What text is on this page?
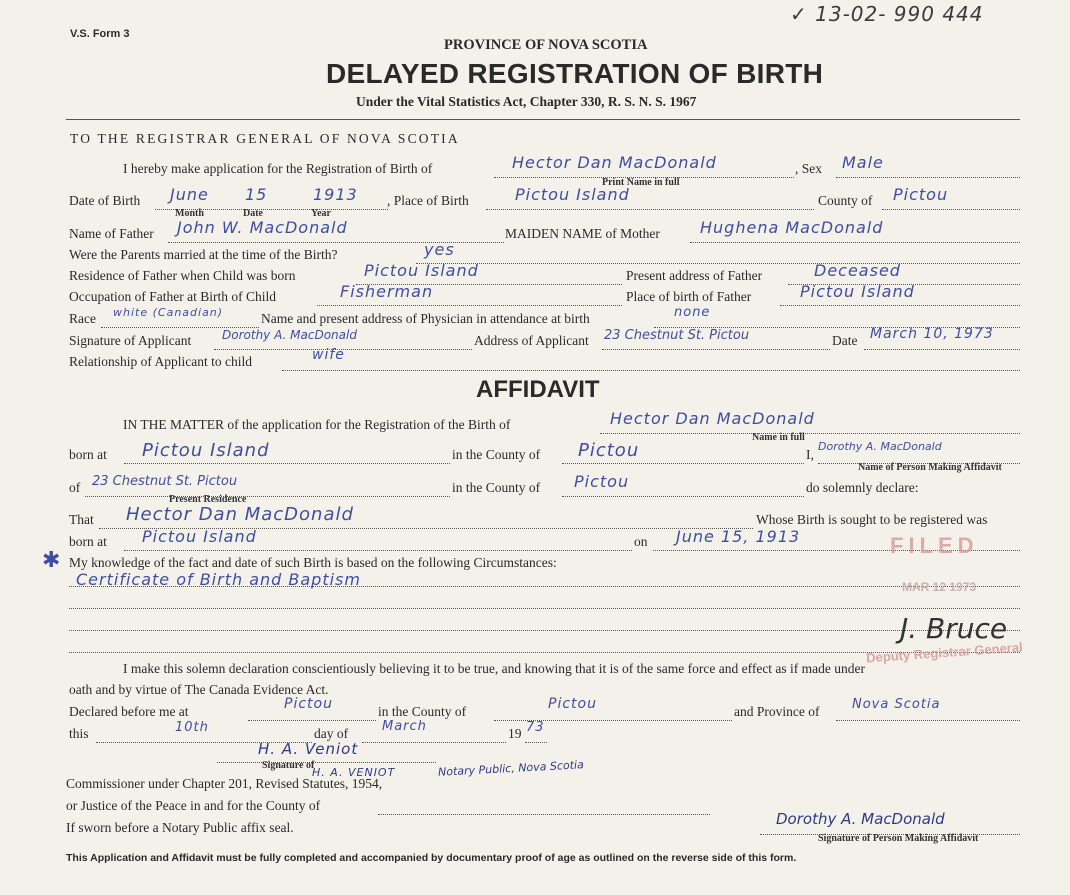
V.S. Form 3
✓ 13-02- 990 444
PROVINCE OF NOVA SCOTIA
DELAYED REGISTRATION OF BIRTH
Under the Vital Statistics Act, Chapter 330, R. S. N. S. 1967
TO THE REGISTRAR GENERAL OF NOVA SCOTIA
I hereby make application for the Registration of Birth of	Hector Dan MacDonald	, Sex Male
Print Name in full
Date of Birth June 15	1913 , Place of Birth	Pictou Island	County of Pictou
Month	Date	Year
Name of Father John W. MacDonald	MAIDEN NAME of Mother	Hughena MacDonald
Were the Parents married at the time of the Birth?	yes
Residence of Father when Child was born	Pictou Island	Present address of Father	Deceased
Occupation of Father at Birth of Child	Fisherman	Place of birth of Father	Pictou Island
Race white (Canadian)	Name and present address of Physician in attendance at birth	none
Signature of Applicant	Dorothy A. MacDonald	Address of Applicant 23 Chestnut St. Pictou	Date March 10, 1973
Relationship of Applicant to child	wife
AFFIDAVIT
IN THE MATTER of the application for the Registration of the Birth of	Hector Dan MacDonald
Name in full
born at Pictou Island	in the County of Pictou	I,
Dorothy A. MacDonald
Name of Person Making Affidavit
of 23 Chestnut St. Pictou
Present Residence
in the County of Pictou	do solemnly declare:
That Hector Dan MacDonald	Whose Birth is sought to be registered was
born at Pictou Island	on June 15, 1913
✱ My knowledge of the fact and date of such Birth is based on the following Circumstances:
Certificate of Birth and Baptism
I make this solemn declaration conscientiously believing it to be true, and knowing that it is of the same force and effect as if made under
oath and by virtue of The Canada Evidence Act.
Declared before me at	Pictou	in the County of	Pictou	and Province of	Nova Scotia
this	10th	day of	March	19 73
H. A. Veniot
Signature of
H. A. VENIOT	Notary Public, Nova Scotia
Commissioner under Chapter 201, Revised Statutes, 1954,
or Justice of the Peace in and for the County of
If sworn before a Notary Public affix seal.	Dorothy A. MacDonald
Signature of Person Making Affidavit
FILED
MAR 12 1973
J. Bruce
Deputy Registrar General
This Application and Affidavit must be fully completed and accompanied by documentary proof of age as outlined on the reverse side of this form.
